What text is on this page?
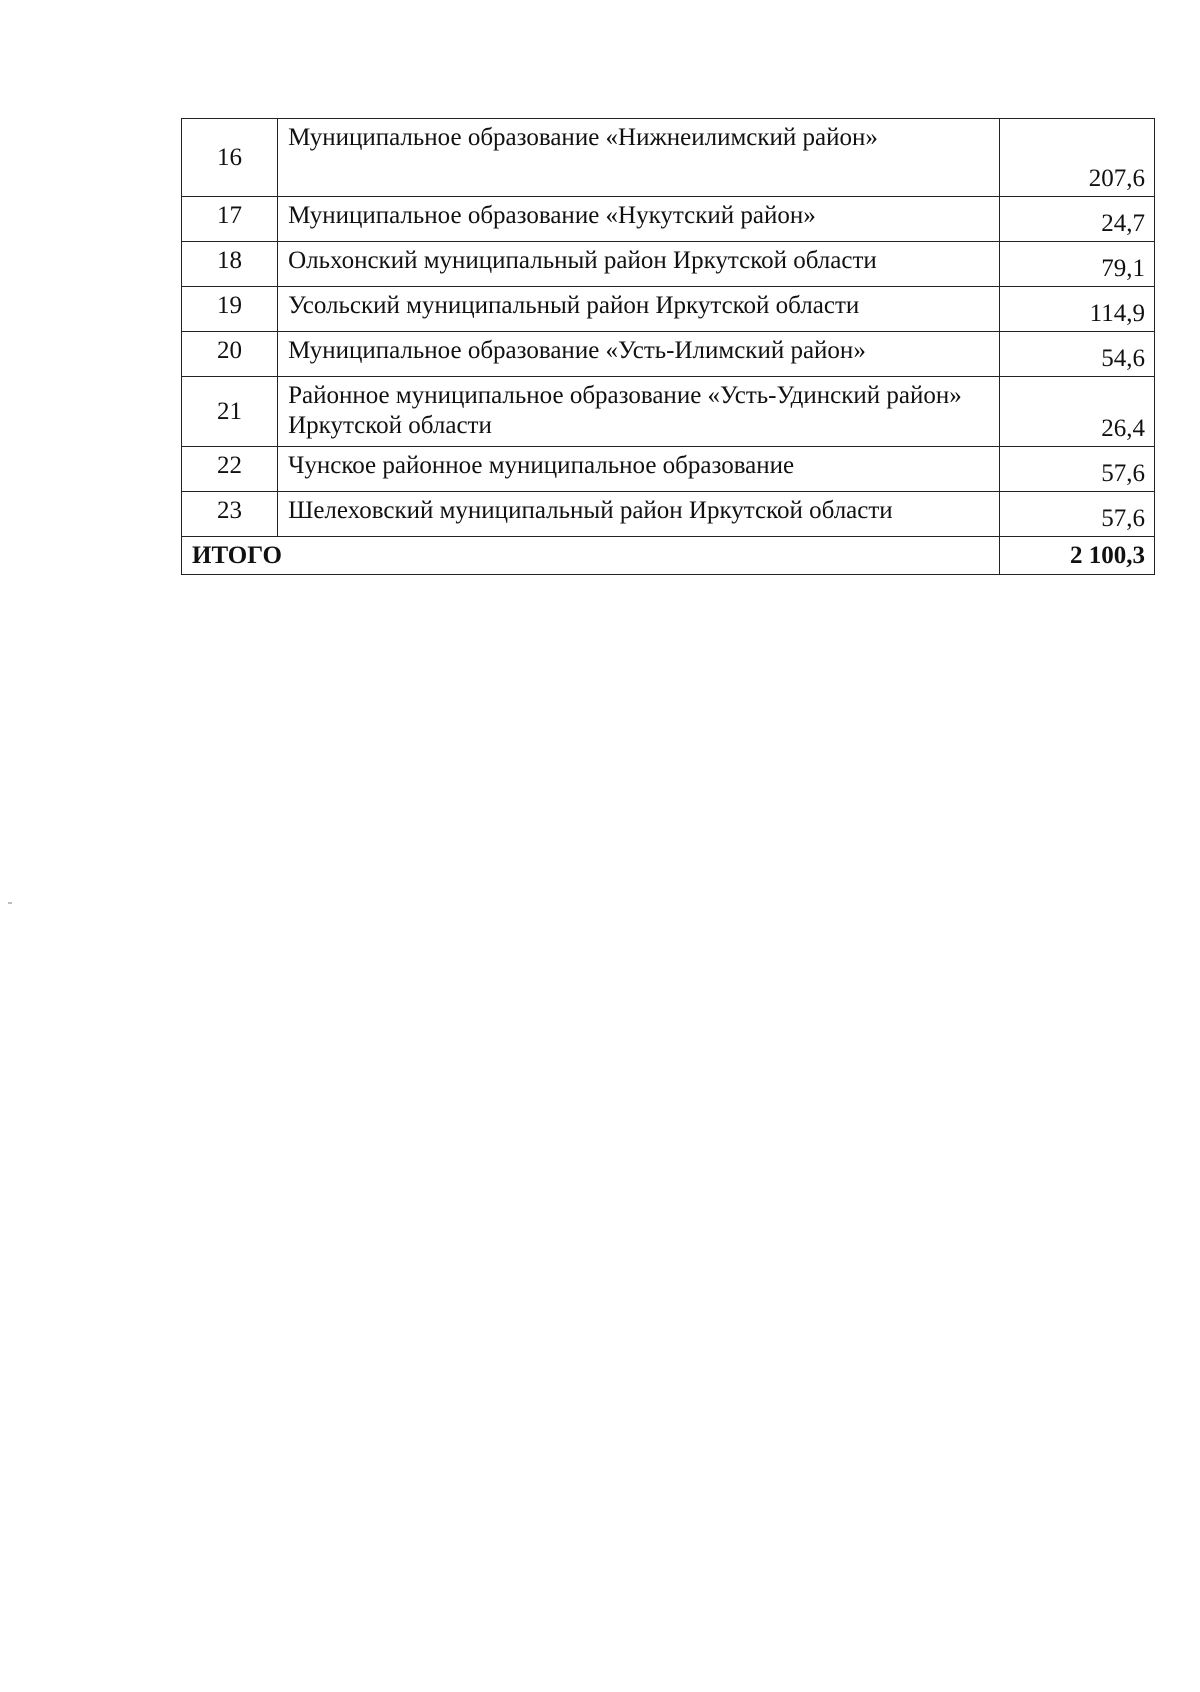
16	Муниципальное образование «Нижнеилимский район»	207,6
17	Муниципальное образование «Нукутский район»	24,7
18	Ольхонский муниципальный район Иркутской области	79,1
19	Усольский муниципальный район Иркутской области	114,9
20	Муниципальное образование «Усть-Илимский район»	54,6
21	Районное муниципальное образование «Усть-Удинский район» Иркутской области	26,4
22	Чунское районное муниципальное образование	57,6
23	Шелеховский муниципальный район Иркутской области	57,6
ИТОГО		2 100,3
